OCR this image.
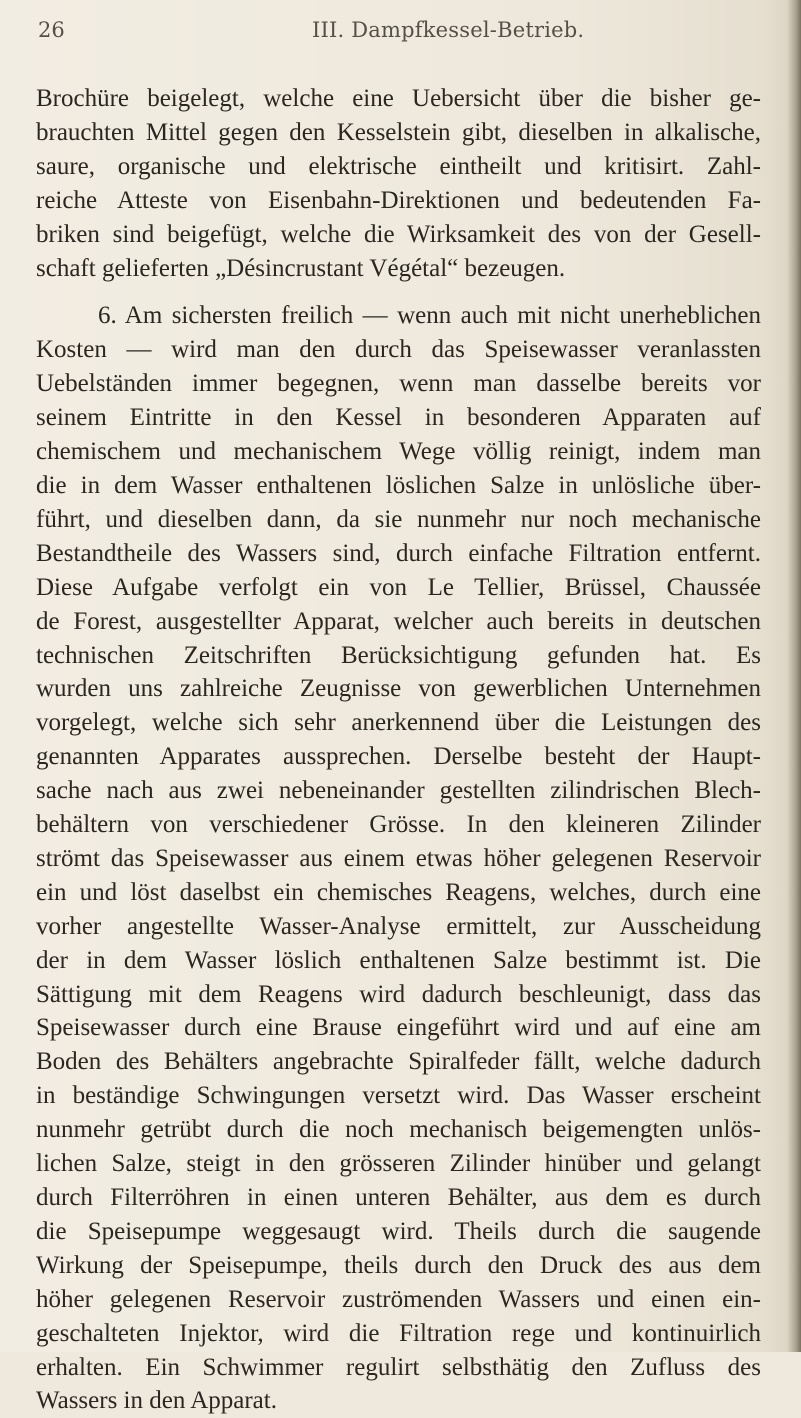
26	III. Dampfkessel-Betrieb.

Brochüre beigelegt, welche eine Uebersicht über die bisher ge-
brauchten Mittel gegen den Kesselstein gibt, dieselben in alkalische,
saure, organische und elektrische eintheilt und kritisirt. Zahl-
reiche Atteste von Eisenbahn-Direktionen und bedeutenden Fa-
briken sind beigefügt, welche die Wirksamkeit des von der Gesell-
schaft gelieferten „Désincrustant Végétal“ bezeugen.

6. Am sichersten freilich — wenn auch mit nicht unerheblichen
Kosten — wird man den durch das Speisewasser veranlassten
Uebelständen immer begegnen, wenn man dasselbe bereits vor
seinem Eintritte in den Kessel in besonderen Apparaten auf
chemischem und mechanischem Wege völlig reinigt, indem man
die in dem Wasser enthaltenen löslichen Salze in unlösliche über-
führt, und dieselben dann, da sie nunmehr nur noch mechanische
Bestandtheile des Wassers sind, durch einfache Filtration entfernt.
Diese Aufgabe verfolgt ein von Le Tellier, Brüssel, Chaussée
de Forest, ausgestellter Apparat, welcher auch bereits in deutschen
technischen Zeitschriften Berücksichtigung gefunden hat. Es
wurden uns zahlreiche Zeugnisse von gewerblichen Unternehmen
vorgelegt, welche sich sehr anerkennend über die Leistungen des
genannten Apparates aussprechen. Derselbe besteht der Haupt-
sache nach aus zwei nebeneinander gestellten zilindrischen Blech-
behältern von verschiedener Grösse. In den kleineren Zilinder
strömt das Speisewasser aus einem etwas höher gelegenen Reservoir
ein und löst daselbst ein chemisches Reagens, welches, durch eine
vorher angestellte Wasser-Analyse ermittelt, zur Ausscheidung
der in dem Wasser löslich enthaltenen Salze bestimmt ist. Die
Sättigung mit dem Reagens wird dadurch beschleunigt, dass das
Speisewasser durch eine Brause eingeführt wird und auf eine am
Boden des Behälters angebrachte Spiralfeder fällt, welche dadurch
in beständige Schwingungen versetzt wird. Das Wasser erscheint
nunmehr getrübt durch die noch mechanisch beigemengten unlös-
lichen Salze, steigt in den grösseren Zilinder hinüber und gelangt
durch Filterröhren in einen unteren Behälter, aus dem es durch
die Speisepumpe weggesaugt wird. Theils durch die saugende
Wirkung der Speisepumpe, theils durch den Druck des aus dem
höher gelegenen Reservoir zuströmenden Wassers und einen ein-
geschalteten Injektor, wird die Filtration rege und kontinuirlich
erhalten. Ein Schwimmer regulirt selbsthätig den Zufluss des
Wassers in den Apparat.
